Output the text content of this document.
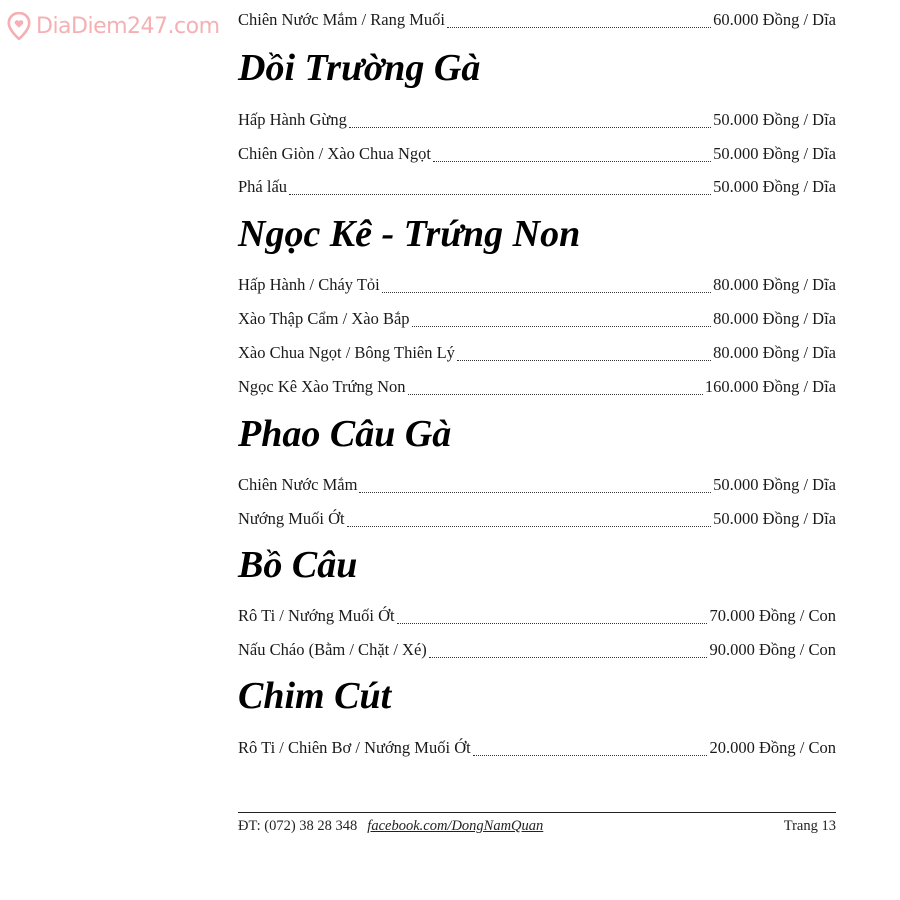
DiaDiem247.com Chiên Nước Mắm / Rang Muối	60.000 Đồng / Dĩa
Dồi Trường Gà
Hấp Hành Gừng	50.000 Đồng / Dĩa
Chiên Giòn / Xào Chua Ngọt	50.000 Đồng / Dĩa
Phá lấu	50.000 Đồng / Dĩa
Ngọc Kê - Trứng Non
Hấp Hành / Cháy Tỏi	80.000 Đồng / Dĩa
Xào Thập Cẩm / Xào Bắp	80.000 Đồng / Dĩa
Xào Chua Ngọt / Bông Thiên Lý	80.000 Đồng / Dĩa
Ngọc Kê Xào Trứng Non	160.000 Đồng / Dĩa
Phao Câu Gà
Chiên Nước Mắm	50.000 Đồng / Dĩa
Nướng Muối Ớt	50.000 Đồng / Dĩa
Bồ Câu
Rô Ti / Nướng Muối Ớt	70.000 Đồng / Con
Nấu Cháo (Bằm / Chặt / Xé)	90.000 Đồng / Con
Chim Cút
Rô Ti / Chiên Bơ / Nướng Muối Ớt	20.000 Đồng / Con
ĐT: (072) 38 28 348 facebook.com/DongNamQuan	Trang 13
